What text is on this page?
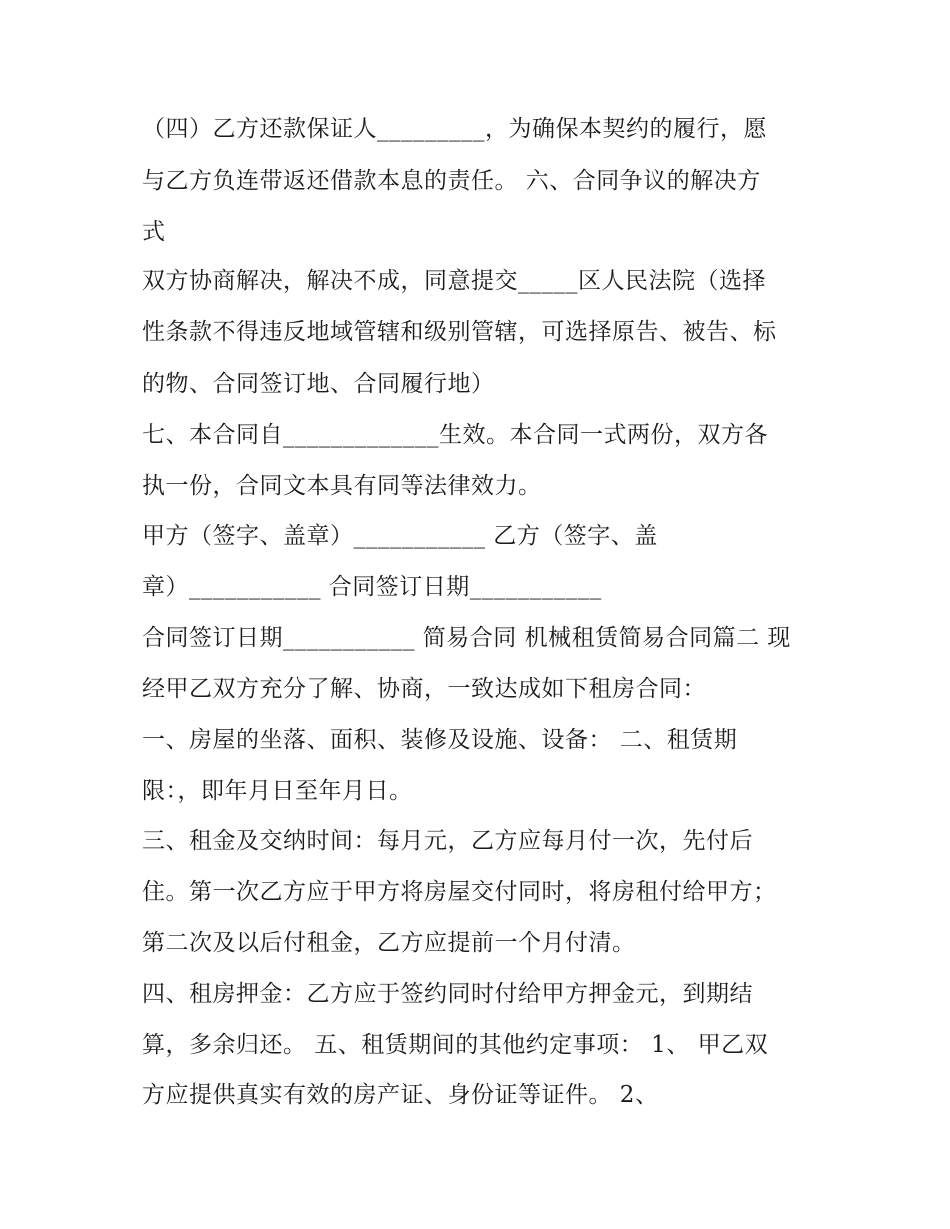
（四）乙方还款保证人_________，为确保本契约的履行，愿
与乙方负连带返还借款本息的责任。 六、合同争议的解决方
式
双方协商解决，解决不成，同意提交_____区人民法院（选择
性条款不得违反地域管辖和级别管辖，可选择原告、被告、标
的物、合同签订地、合同履行地）
七、本合同自_____________生效。本合同一式两份，双方各
执一份，合同文本具有同等法律效力。
甲方（签字、盖章）___________ 乙方（签字、盖
章）___________ 合同签订日期___________
合同签订日期___________ 简易合同 机械租赁简易合同篇二 现
经甲乙双方充分了解、协商，一致达成如下租房合同：
一、房屋的坐落、面积、装修及设施、设备： 二、租赁期
限：，即年月日至年月日。
三、租金及交纳时间：每月元，乙方应每月付一次，先付后
住。第一次乙方应于甲方将房屋交付同时，将房租付给甲方；
第二次及以后付租金，乙方应提前一个月付清。
四、租房押金：乙方应于签约同时付给甲方押金元，到期结
算，多余归还。 五、租赁期间的其他约定事项： 1、 甲乙双
方应提供真实有效的房产证、身份证等证件。 2、
